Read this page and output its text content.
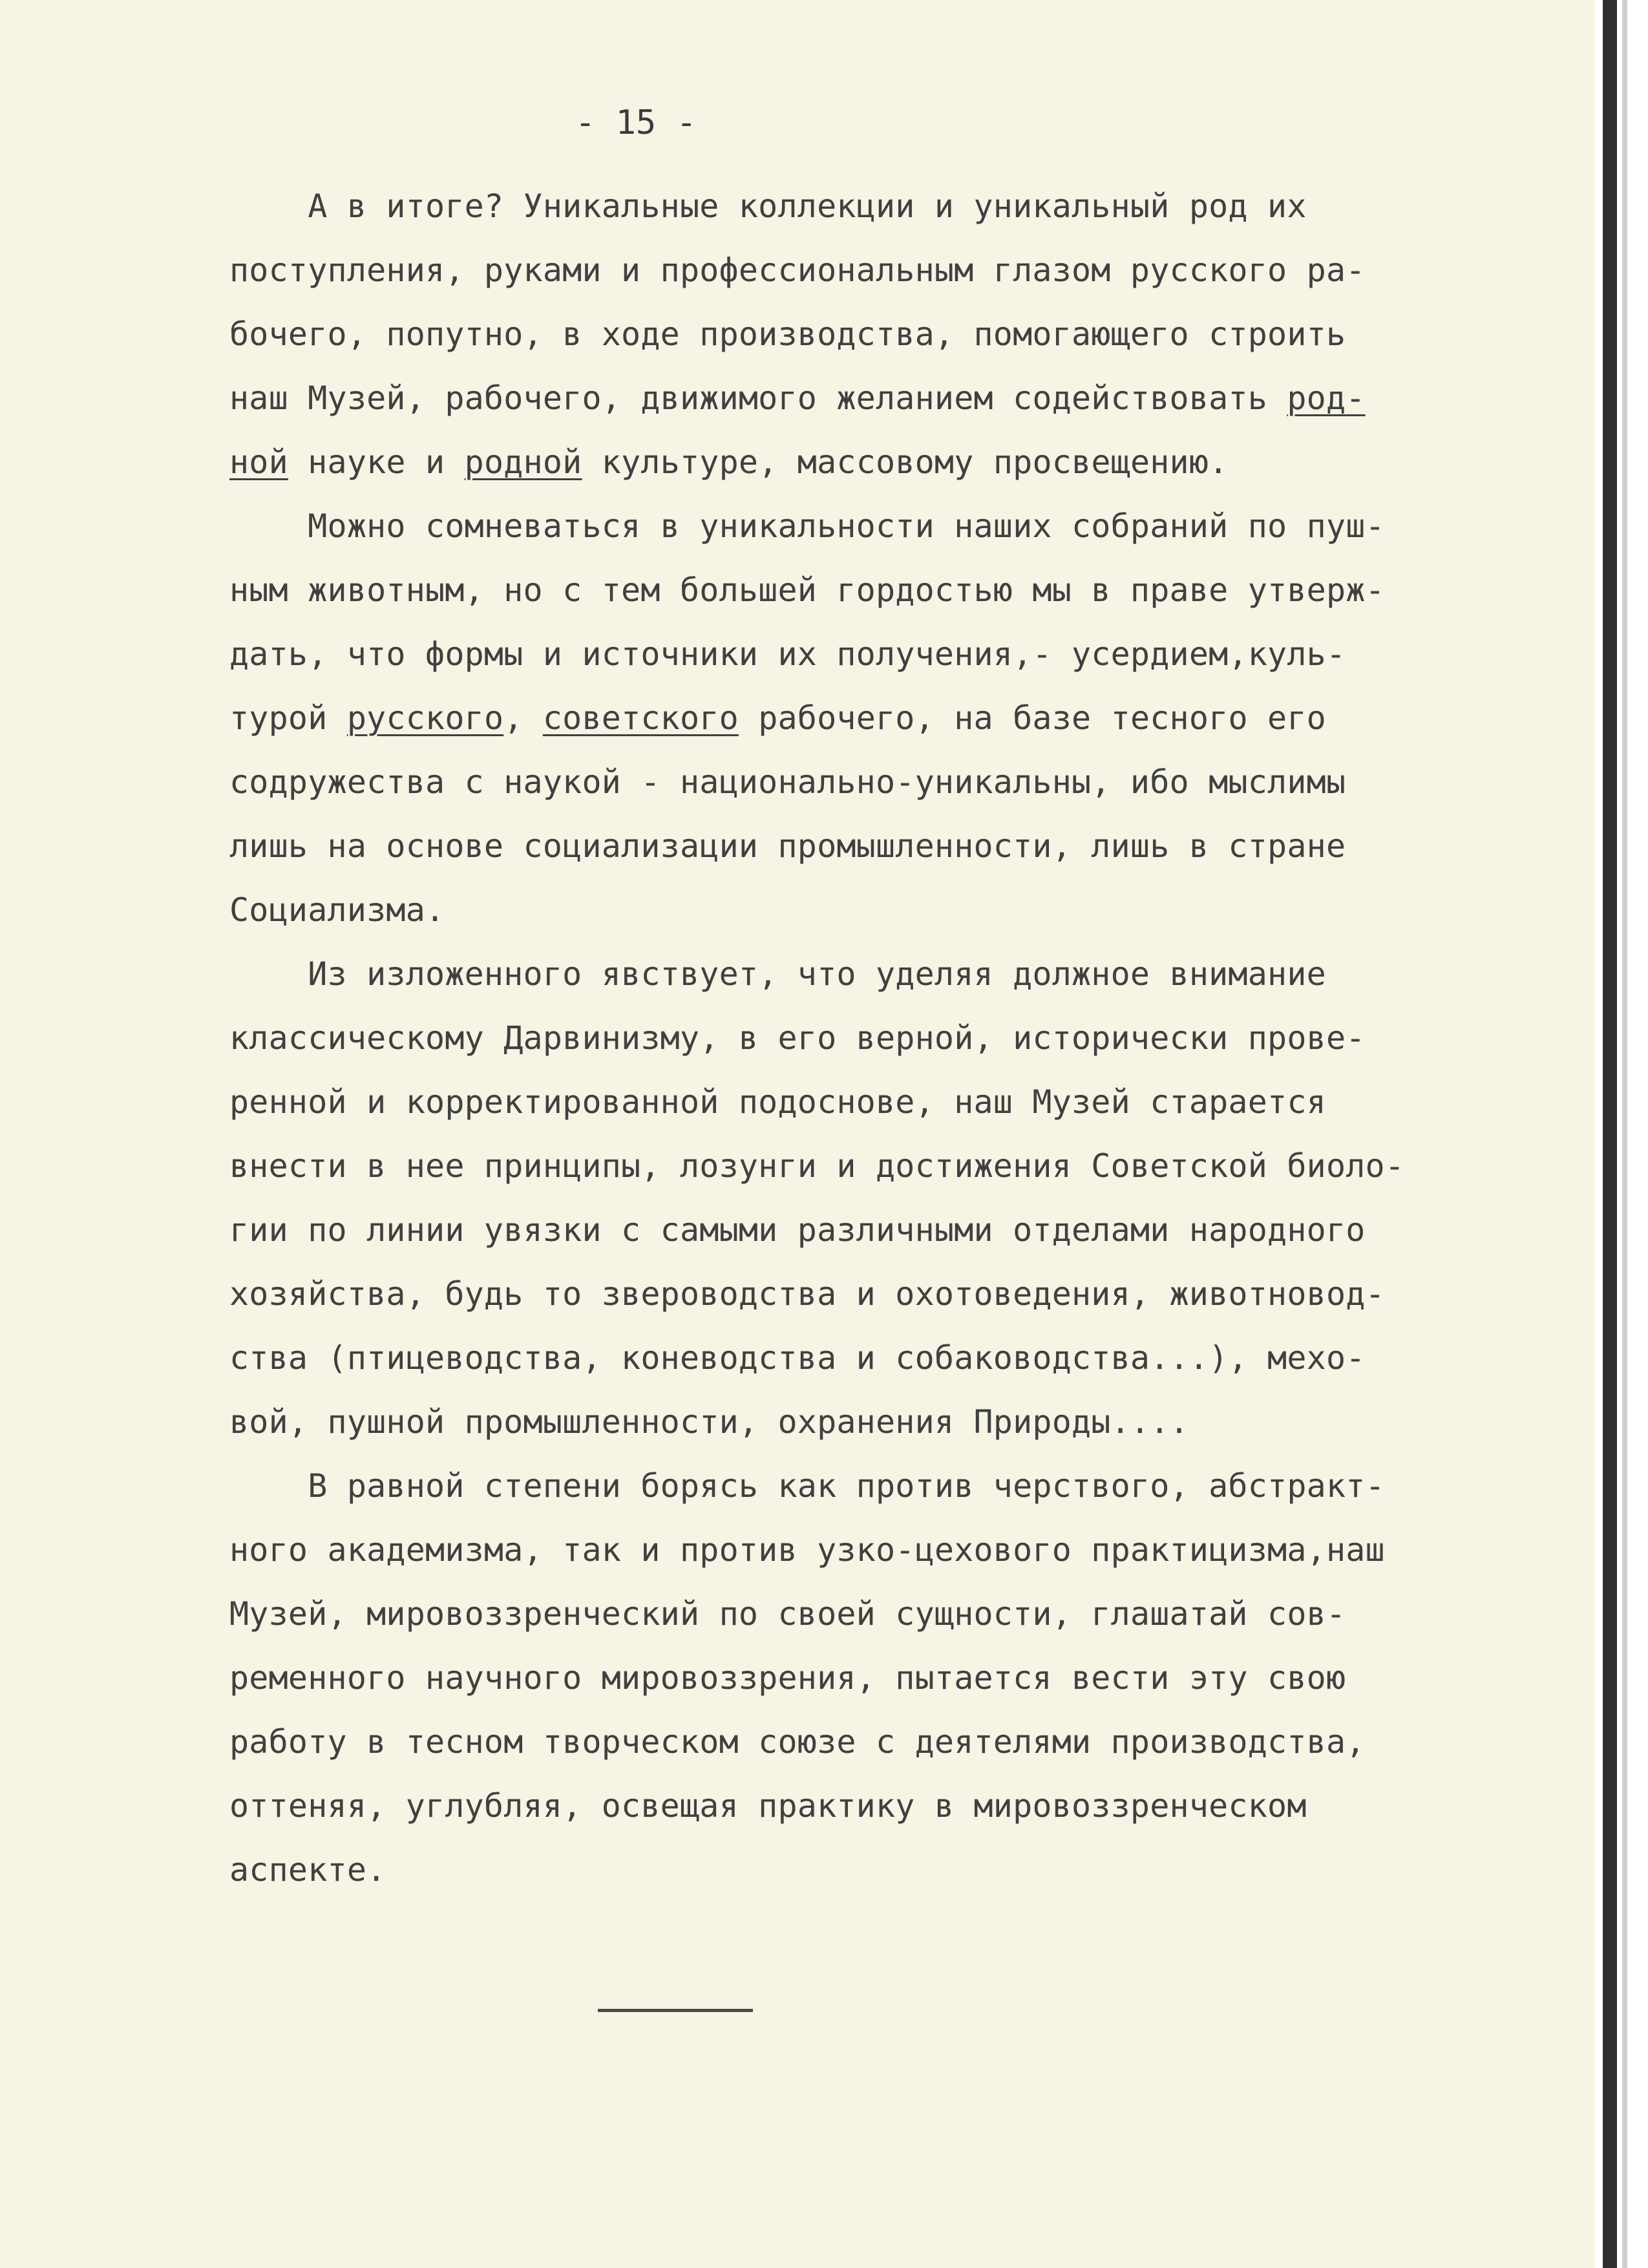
- 15 -
А в итоге? Уникальные коллекции и уникальный род их
поступления, руками и профессиональным глазом русского ра-
бочего, попутно, в ходе производства, помогающего строить
наш Музей, рабочего, движимого желанием содействовать род-
ной науке и родной культуре, массовому просвещению.
Можно сомневаться в уникальности наших собраний по пуш-
ным животным, но с тем большей гордостью мы в праве утверж-
дать, что формы и источники их получения,- усердием,куль-
турой русского, советского рабочего, на базе тесного его
содружества с наукой - национально-уникальны, ибо мыслимы
лишь на основе социализации промышленности, лишь в стране
Социализма.
Из изложенного явствует, что уделяя должное внимание
классическому Дарвинизму, в его верной, исторически прове-
ренной и корректированной подоснове, наш Музей старается
внести в нее принципы, лозунги и достижения Советской биоло-
гии по линии увязки с самыми различными отделами народного
хозяйства, будь то звероводства и охотоведения, животновод-
ства (птицеводства, коневодства и собаководства...), мехо-
вой, пушной промышленности, охранения Природы....
В равной степени борясь как против черствого, абстракт-
ного академизма, так и против узко-цехового практицизма,наш
Музей, мировоззренческий по своей сущности, глашатай сов-
ременного научного мировоззрения, пытается вести эту свою
работу в тесном творческом союзе с деятелями производства,
оттеняя, углубляя, освещая практику в мировоззренческом
аспекте.
